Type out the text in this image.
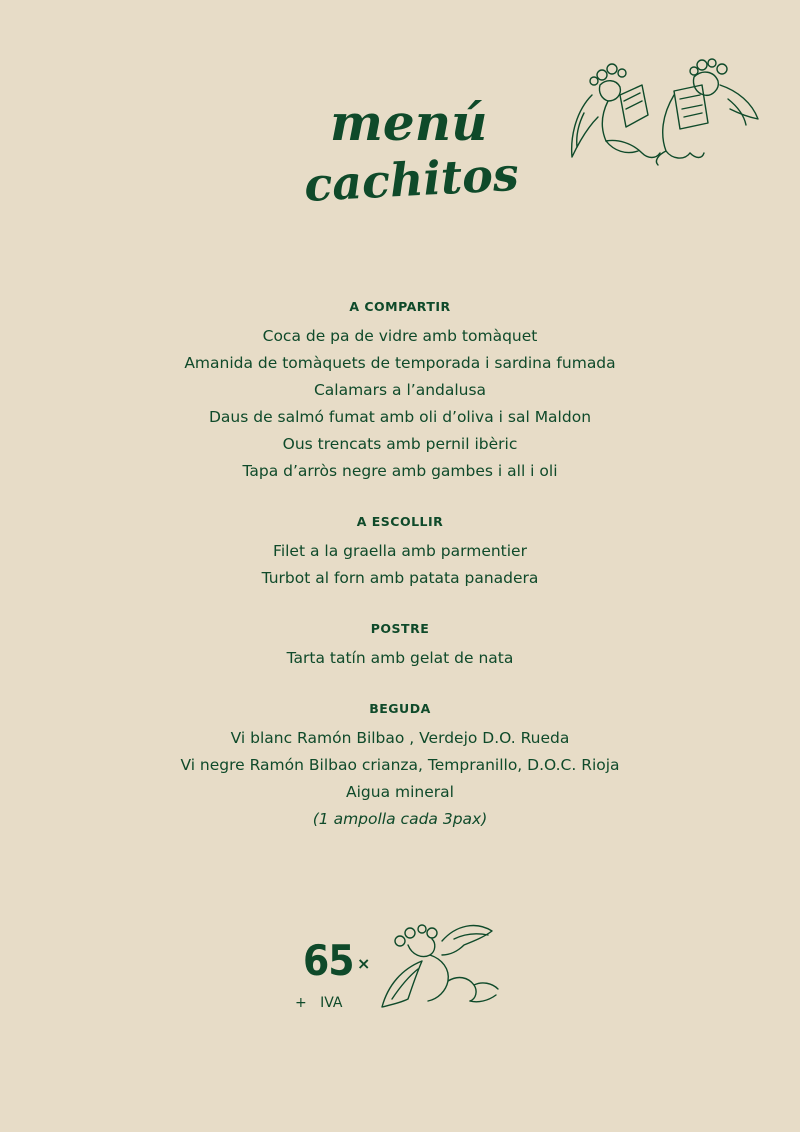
menú
cachitos

A COMPARTIR

Coca de pa de vidre amb tomàquet

Amanida de tomàquets de temporada i sardina fumada

Calamars a l’andalusa

Daus de salmó fumat amb oli d’oliva i sal Maldon

Ous trencats amb pernil ibèric

Tapa d’arròs negre amb gambes i all i oli

A ESCOLLIR

Filet a la graella amb parmentier

Turbot al forn amb patata panadera

POSTRE

Tarta tatín amb gelat de nata

BEGUDA

Vi blanc Ramón Bilbao , Verdejo D.O. Rueda

Vi negre Ramón Bilbao crianza, Tempranillo, D.O.C. Rioja

Aigua mineral

(1 ampolla cada 3pax)

65 ×
+   IVA
